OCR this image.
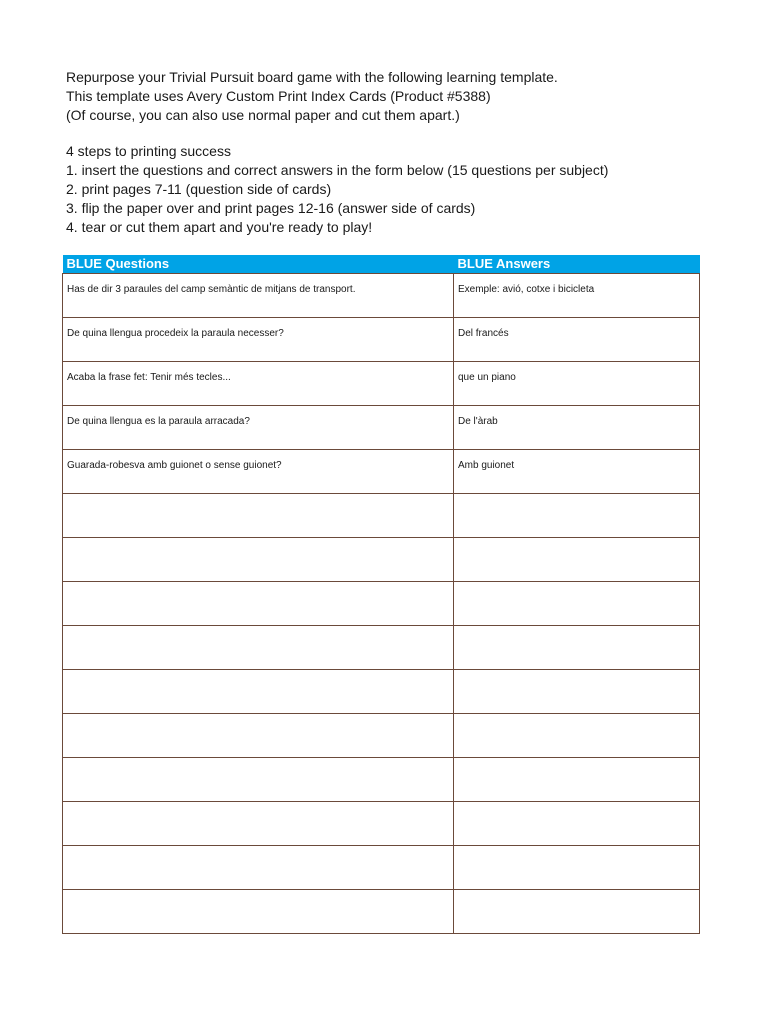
Repurpose your Trivial Pursuit board game with the following learning template.
This template uses Avery Custom Print Index Cards (Product #5388)
(Of course, you can also use normal paper and cut them apart.)
4 steps to printing success
1. insert the questions and correct answers in the form below (15 questions per subject)
2. print pages 7-11 (question side of cards)
3. flip the paper over and print pages 12-16 (answer side of cards)
4. tear or cut them apart and you're ready to play!
BLUE Questions	BLUE Answers
Has de dir 3 paraules del camp semàntic de mitjans de transport.	Exemple: avió, cotxe i bicicleta
De quina llengua procedeix la paraula necesser?	Del francés
Acaba la frase fet: Tenir més tecles...	que un piano
De quina llengua es la paraula arracada?	De l'àrab
Guarada-robesva amb guionet o sense guionet?	Amb guionet
